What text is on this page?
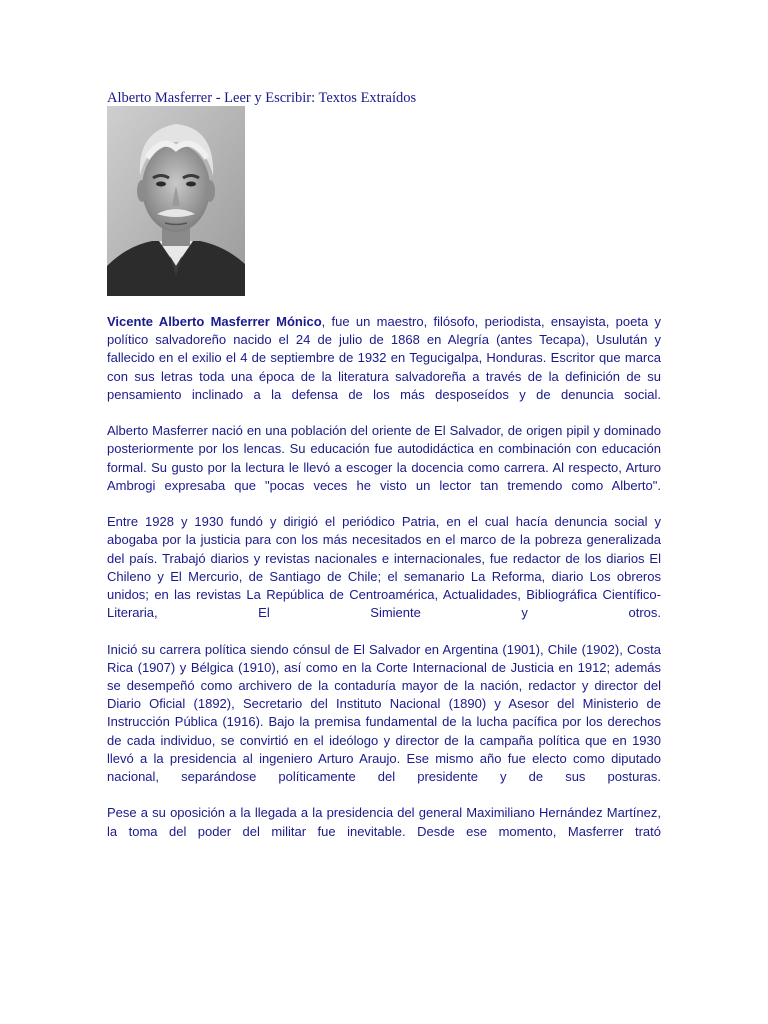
Alberto Masferrer - Leer y Escribir: Textos Extraídos

Vicente Alberto Masferrer Mónico, fue un maestro, filósofo, periodista, ensayista, poeta y político salvadoreño nacido el 24 de julio de 1868 en Alegría (antes Tecapa), Usulután y fallecido en el exilio el 4 de septiembre de 1932 en Tegucigalpa, Honduras. Escritor que marca con sus letras toda una época de la literatura salvadoreña a través de la definición de su pensamiento inclinado a la defensa de los más desposeídos y de denuncia social.

Alberto Masferrer nació en una población del oriente de El Salvador, de origen pipil y dominado posteriormente por los lencas. Su educación fue autodidáctica en combinación con educación formal. Su gusto por la lectura le llevó a escoger la docencia como carrera. Al respecto, Arturo Ambrogi expresaba que "pocas veces he visto un lector tan tremendo como Alberto".

Entre 1928 y 1930 fundó y dirigió el periódico Patria, en el cual hacía denuncia social y abogaba por la justicia para con los más necesitados en el marco de la pobreza generalizada del país. Trabajó diarios y revistas nacionales e internacionales, fue redactor de los diarios El Chileno y El Mercurio, de Santiago de Chile; el semanario La Reforma, diario Los obreros unidos; en las revistas La República de Centroamérica, Actualidades, Bibliográfica Científico-Literaria, El Simiente y otros.

Inició su carrera política siendo cónsul de El Salvador en Argentina (1901), Chile (1902), Costa Rica (1907) y Bélgica (1910), así como en la Corte Internacional de Justicia en 1912; además se desempeñó como archivero de la contaduría mayor de la nación, redactor y director del Diario Oficial (1892), Secretario del Instituto Nacional (1890) y Asesor del Ministerio de Instrucción Pública (1916). Bajo la premisa fundamental de la lucha pacífica por los derechos de cada individuo, se convirtió en el ideólogo y director de la campaña política que en 1930 llevó a la presidencia al ingeniero Arturo Araujo. Ese mismo año fue electo como diputado nacional, separándose políticamente del presidente y de sus posturas.

Pese a su oposición a la llegada a la presidencia del general Maximiliano Hernández Martínez, la toma del poder del militar fue inevitable. Desde ese momento, Masferrer trató
